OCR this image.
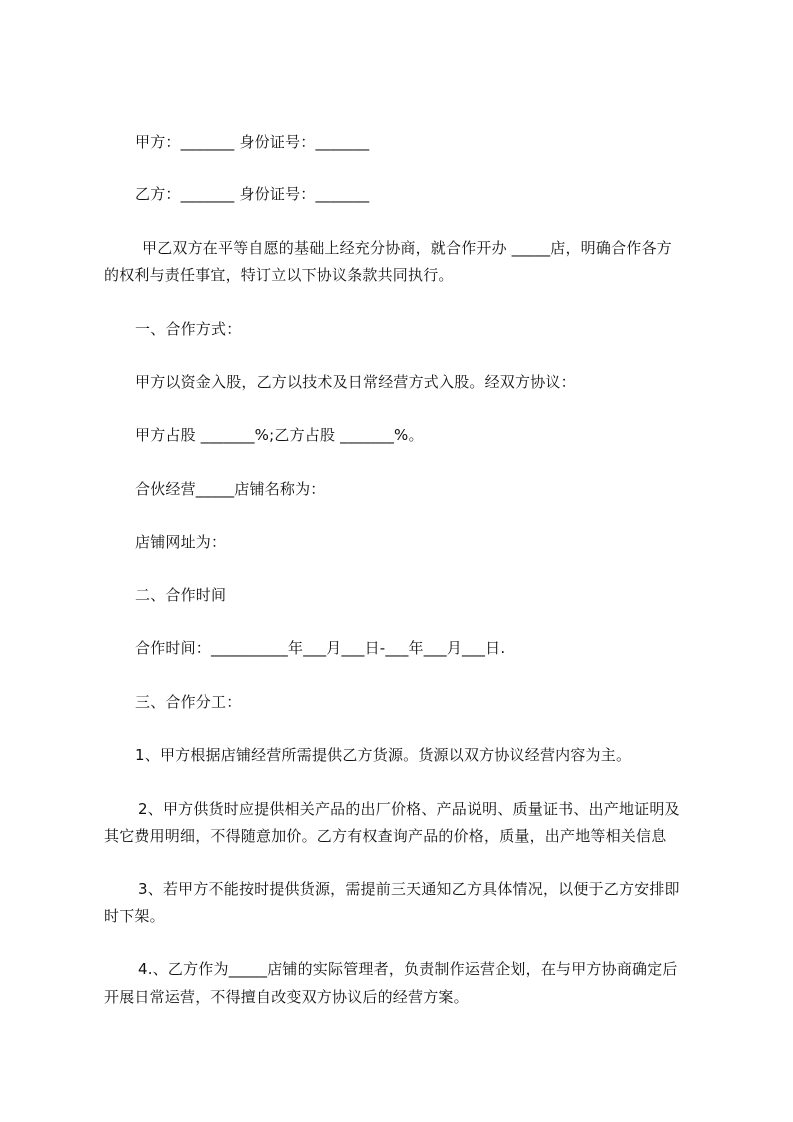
甲方：_______ 身份证号：_______
乙方：_______ 身份证号：_______
甲乙双方在平等自愿的基础上经充分协商，就合作开办 _____店，明确合作各方
的权利与责任事宜，特订立以下协议条款共同执行。
一、合作方式：
甲方以资金入股，乙方以技术及日常经营方式入股。经双方协议：
甲方占股 _______%;乙方占股 _______%。
合伙经营_____店铺名称为：
店铺网址为：
二、合作时间
合作时间：__________年___月___日-___年___月___日.
三、合作分工：
1、甲方根据店铺经营所需提供乙方货源。货源以双方协议经营内容为主。
2、甲方供货时应提供相关产品的出厂价格、产品说明、质量证书、出产地证明及
其它费用明细，不得随意加价。乙方有权查询产品的价格，质量，出产地等相关信息
3、若甲方不能按时提供货源，需提前三天通知乙方具体情况，以便于乙方安排即
时下架。
4.、乙方作为_____店铺的实际管理者，负责制作运营企划，在与甲方协商确定后
开展日常运营，不得擅自改变双方协议后的经营方案。
